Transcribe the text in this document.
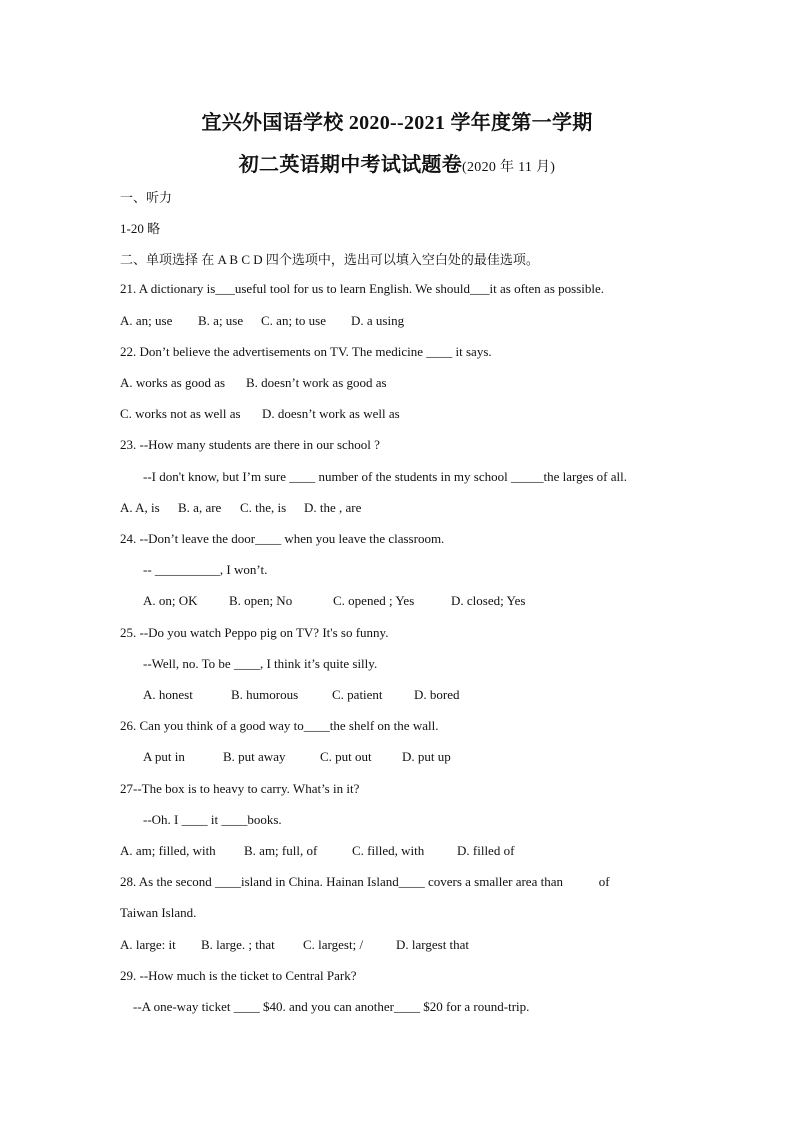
宜兴外国语学校 2020--2021 学年度第一学期
初二英语期中考试试题卷(2020 年 11 月)
一、听力
1-20 略
二、单项选择 在 A B C D 四个选项中，选出可以填入空白处的最佳选项。
21. A dictionary is___useful tool for us to learn English. We should___it as often as possible.
A. an; use B. a; use C. an; to use D. a using
22. Don’t believe the advertisements on TV. The medicine ____ it says.
A. works as good as B. doesn’t work as good as
C. works not as well as D. doesn’t work as well as
23. --How many students are there in our school ?
--I don't know, but I’m sure ____ number of the students in my school _____the larges of all.
A. A, is B. a, are C. the, is D. the , are
24. --Don’t leave the door____ when you leave the classroom.
-- __________, I won’t.
A. on; OK B. open; No	C. opened ; Yes	D. closed; Yes
25. --Do you watch Peppo pig on TV? It's so funny.
--Well, no. To be ____, I think it’s quite silly.
A. honest	B. humorous	C. patient D. bored
26. Can you think of a good way to____the shelf on the wall.
A put in	B. put away	C. put out D. put up
27--The box is to heavy to carry. What’s in it?
--Oh. I ____ it ____books.
A. am; filled, with B. am; full, of	C. filled, with	D. filled of
28. As the second ____island in China. Hainan Island____ covers a smaller area than           of
Taiwan Island.
A. large: it B. large. ; that C. largest; /	D. largest that
29. --How much is the ticket to Central Park?
--A one-way ticket ____ $40. and you can another____ $20 for a round-trip.
